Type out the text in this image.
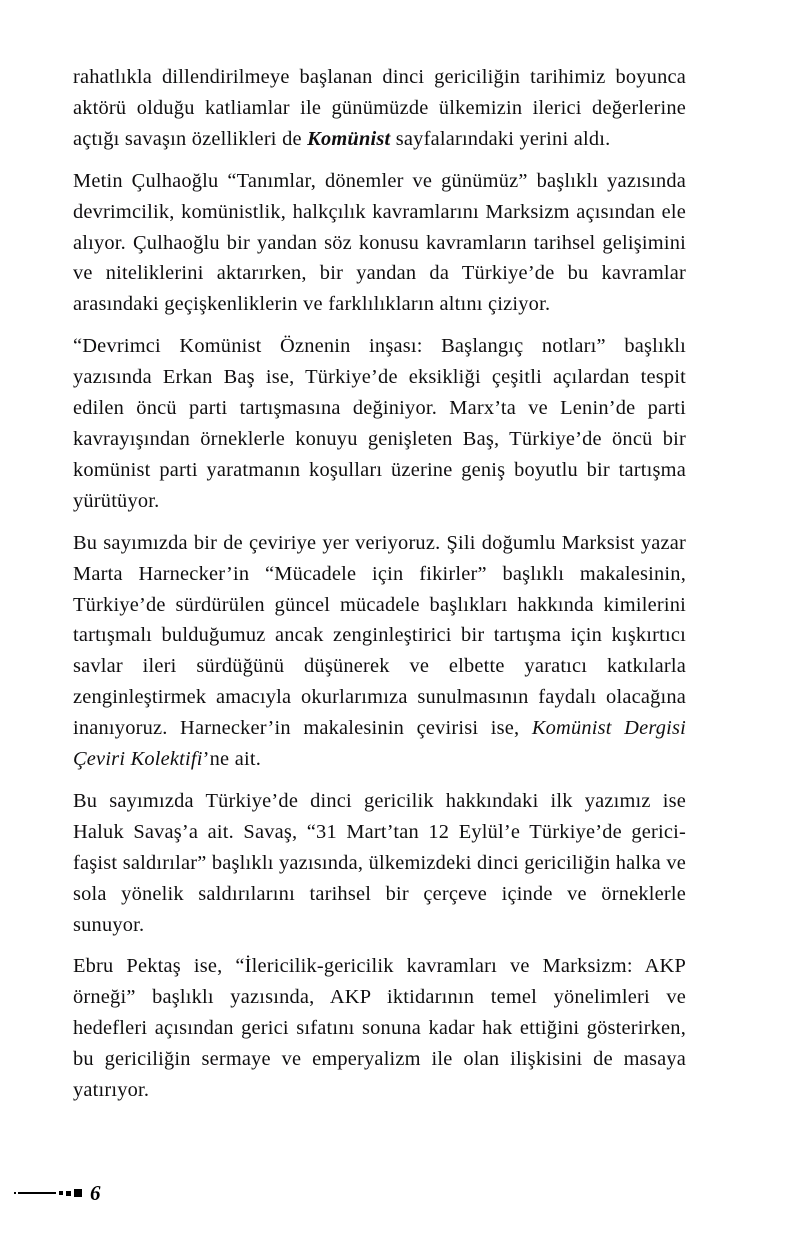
rahatlıkla dillendirilmeye başlanan dinci gericiliğin tarihimiz boyunca aktörü olduğu katliamlar ile günümüzde ülkemizin ilerici değerlerine açtığı savaşın özellikleri de Komünist sayfalarındaki yerini aldı.

Metin Çulhaoğlu “Tanımlar, dönemler ve günümüz” başlıklı yazısında devrimcilik, komünistlik, halkçılık kavramlarını Marksizm açısından ele alıyor. Çulhaoğlu bir yandan söz konusu kavramların tarihsel gelişimini ve niteliklerini aktarırken, bir yandan da Türkiye’de bu kavramlar arasındaki geçişkenliklerin ve farklılıkların altını çiziyor.

“Devrimci Komünist Öznenin inşası: Başlangıç notları” başlıklı yazısında Erkan Baş ise, Türkiye’de eksikliği çeşitli açılardan tespit edilen öncü parti tartışmasına değiniyor. Marx’ta ve Lenin’de parti kavrayışından örneklerle konuyu genişleten Baş, Türkiye’de öncü bir komünist parti yaratmanın koşulları üzerine geniş boyutlu bir tartışma yürütüyor.

Bu sayımızda bir de çeviriye yer veriyoruz. Şili doğumlu Marksist yazar Marta Harnecker’in “Mücadele için fikirler” başlıklı makalesinin, Türkiye’de sürdürülen güncel mücadele başlıkları hakkında kimilerini tartışmalı bulduğumuz ancak zenginleştirici bir tartışma için kışkırtıcı savlar ileri sürdüğünü düşünerek ve elbette yaratıcı katkılarla zenginleştirmek amacıyla okurlarımıza sunulmasının faydalı olacağına inanıyoruz. Harnecker’in makalesinin çevirisi ise, Komünist Dergisi Çeviri Kolektifi’ne ait.

Bu sayımızda Türkiye’de dinci gericilik hakkındaki ilk yazımız ise Haluk Savaş’a ait. Savaş, “31 Mart’tan 12 Eylül’e Türkiye’de gerici-faşist saldırılar” başlıklı yazısında, ülkemizdeki dinci gericiliğin halka ve sola yönelik saldırılarını tarihsel bir çerçeve içinde ve örneklerle sunuyor.

Ebru Pektaş ise, “İlericilik-gericilik kavramları ve Marksizm: AKP örneği” başlıklı yazısında, AKP iktidarının temel yönelimleri ve hedefleri açısından gerici sıfatını sonuna kadar hak ettiğini gösterirken, bu gericiliğin sermaye ve emperyalizm ile olan ilişkisini de masaya yatırıyor.

6
